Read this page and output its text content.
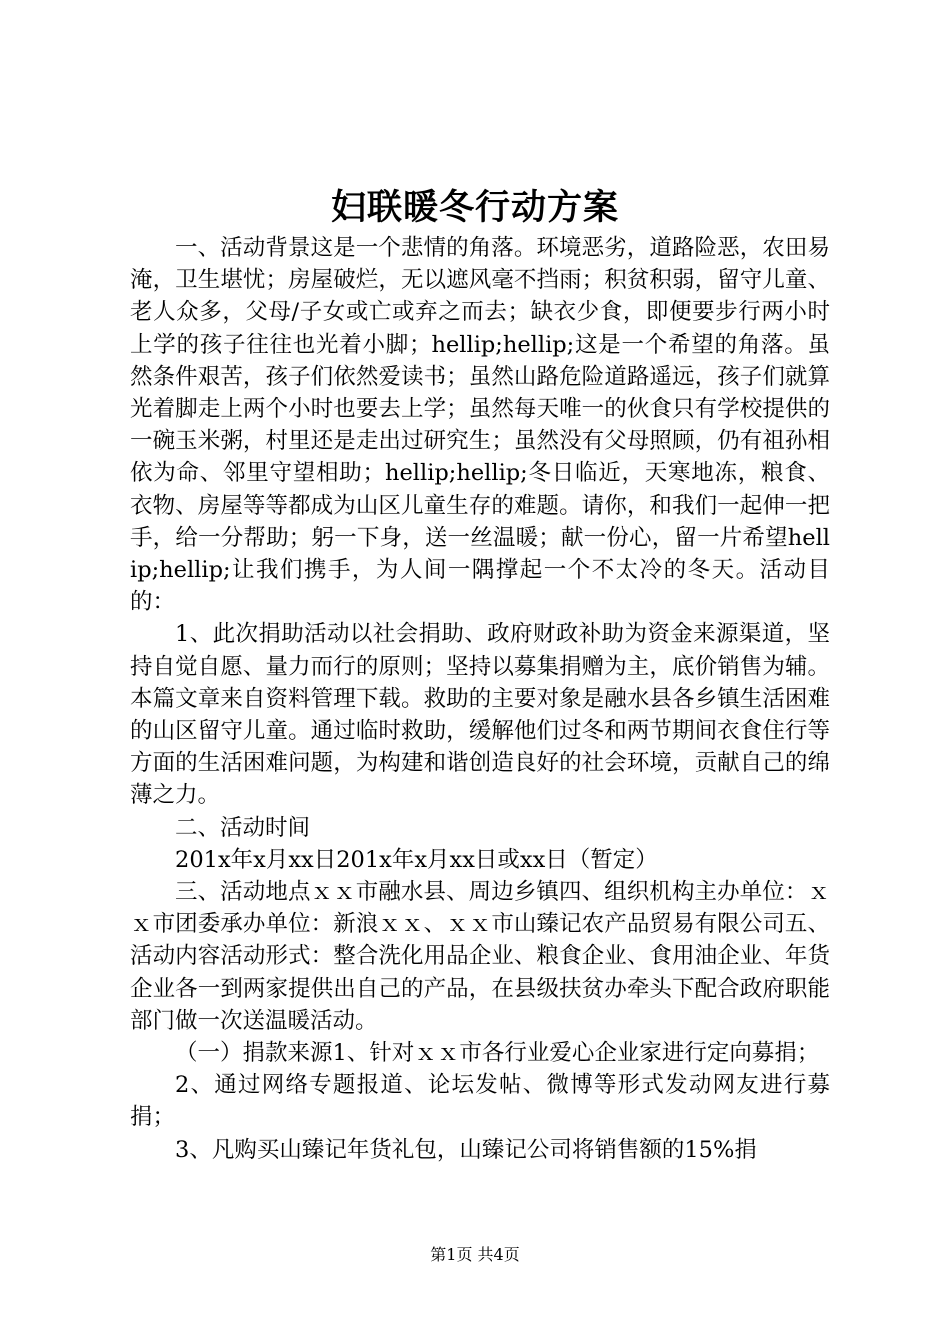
妇联暖冬行动方案

一、活动背景这是一个悲情的角落。环境恶劣，道路险恶，农田易淹，卫生堪忧；房屋破烂，无以遮风毫不挡雨；积贫积弱，留守儿童、老人众多，父母/子女或亡或弃之而去；缺衣少食，即便要步行两小时上学的孩子往往也光着小脚；hellip;hellip;这是一个希望的角落。虽然条件艰苦，孩子们依然爱读书；虽然山路危险道路遥远，孩子们就算光着脚走上两个小时也要去上学；虽然每天唯一的伙食只有学校提供的一碗玉米粥，村里还是走出过研究生；虽然没有父母照顾，仍有祖孙相依为命、邻里守望相助；hellip;hellip;冬日临近，天寒地冻，粮食、衣物、房屋等等都成为山区儿童生存的难题。请你，和我们一起伸一把手，给一分帮助；躬一下身，送一丝温暖；献一份心，留一片希望hellip;hellip;让我们携手，为人间一隅撑起一个不太冷的冬天。活动目的：

1、此次捐助活动以社会捐助、政府财政补助为资金来源渠道，坚持自觉自愿、量力而行的原则；坚持以募集捐赠为主，底价销售为辅。本篇文章来自资料管理下载。救助的主要对象是融水县各乡镇生活困难的山区留守儿童。通过临时救助，缓解他们过冬和两节期间衣食住行等方面的生活困难问题，为构建和谐创造良好的社会环境，贡献自己的绵薄之力。

二、活动时间

201x年x月xx日201x年x月xx日或xx日（暂定）

三、活动地点ｘｘ市融水县、周边乡镇四、组织机构主办单位：ｘｘ市团委承办单位：新浪ｘｘ、ｘｘ市山臻记农产品贸易有限公司五、活动内容活动形式：整合洗化用品企业、粮食企业、食用油企业、年货企业各一到两家提供出自己的产品，在县级扶贫办牵头下配合政府职能部门做一次送温暖活动。

（一）捐款来源1、针对ｘｘ市各行业爱心企业家进行定向募捐；

2、通过网络专题报道、论坛发帖、微博等形式发动网友进行募捐；

3、凡购买山臻记年货礼包，山臻记公司将销售额的15%捐

第1页 共4页
